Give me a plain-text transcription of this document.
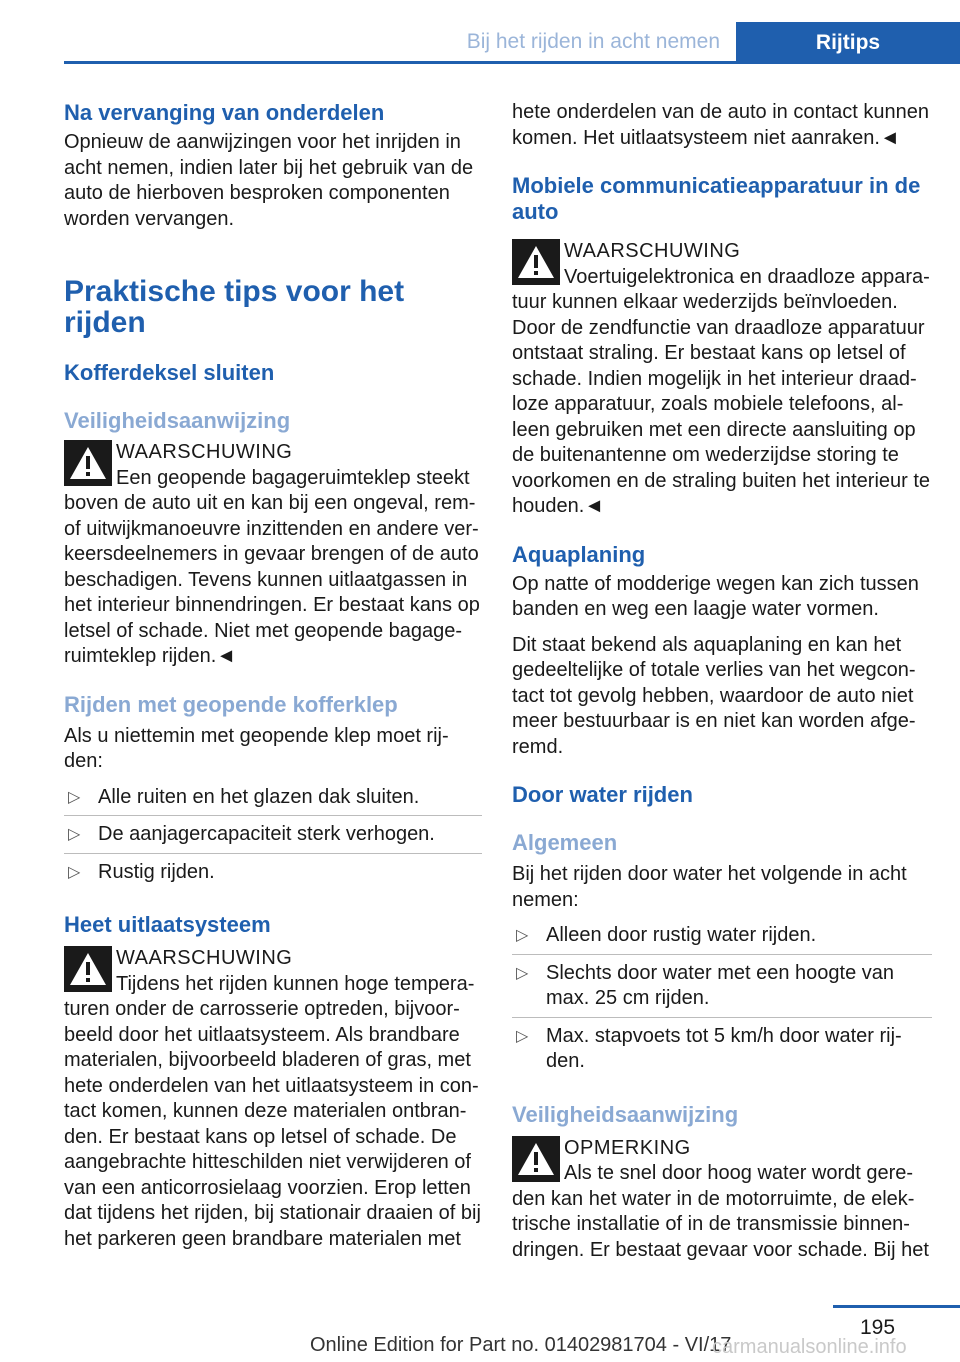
Bij het rijden in acht nemen	Rijtips
Na vervanging van onderdelen

Opnieuw de aanwijzingen voor het inrijden in acht nemen, indien later bij het gebruik van de auto de hierboven besproken componenten worden vervangen.

Praktische tips voor het rijden
Kofferdeksel sluiten
Veiligheidsaanwijzing
WAARSCHUWING
Een geopende bagageruimteklep steekt boven de auto uit en kan bij een ongeval, rem- of uitwijkmanoeuvre inzittenden en andere ver- keersdeelnemers in gevaar brengen of de auto beschadigen. Tevens kunnen uitlaatgassen in het interieur binnendringen. Er bestaat kans op letsel of schade. Niet met geopende bagage- ruimteklep rijden.◄
Rijden met geopende kofferklep

Als u niettemin met geopende klep moet rij- den:

▷ Alle ruiten en het glazen dak sluiten.
▷ De aanjagercapaciteit sterk verhogen.
▷ Rustig rijden.
Heet uitlaatsysteem
WAARSCHUWING
Tijdens het rijden kunnen hoge tempera- turen onder de carrosserie optreden, bijvoor- beeld door het uitlaatsysteem. Als brandbare materialen, bijvoorbeeld bladeren of gras, met hete onderdelen van het uitlaatsysteem in con- tact komen, kunnen deze materialen ontbran- den. Er bestaat kans op letsel of schade. De aangebrachte hitteschilden niet verwijderen of van een anticorrosielaag voorzien. Erop letten dat tijdens het rijden, bij stationair draaien of bij het parkeren geen brandbare materialen met

hete onderdelen van de auto in contact kunnen komen. Het uitlaatsysteem niet aanraken.◄

Mobiele communicatieapparatuur in de auto
WAARSCHUWING
Voertuigelektronica en draadloze appara- tuur kunnen elkaar wederzijds beïnvloeden. Door de zendfunctie van draadloze apparatuur ontstaat straling. Er bestaat kans op letsel of schade. Indien mogelijk in het interieur draad- loze apparatuur, zoals mobiele telefoons, al- leen gebruiken met een directe aansluiting op de buitenantenne om wederzijdse storing te voorkomen en de straling buiten het interieur te houden.◄
Aquaplaning

Op natte of modderige wegen kan zich tussen banden en weg een laagje water vormen.

Dit staat bekend als aquaplaning en kan het gedeeltelijke of totale verlies van het wegcon- tact tot gevolg hebben, waardoor de auto niet meer bestuurbaar is en niet kan worden afge- remd.

Door water rijden
Algemeen

Bij het rijden door water het volgende in acht nemen:

▷ Alleen door rustig water rijden.
▷ Slechts door water met een hoogte van max. 25 cm rijden.
▷ Max. stapvoets tot 5 km/h door water rij- den.
Veiligheidsaanwijzing
OPMERKING
Als te snel door hoog water wordt gere- den kan het water in de motorruimte, de elek- trische installatie of in de transmissie binnen- dringen. Er bestaat gevaar voor schade. Bij het
195
Online Edition for Part no. 01402981704 - VI/17
carmanualsonline.info
